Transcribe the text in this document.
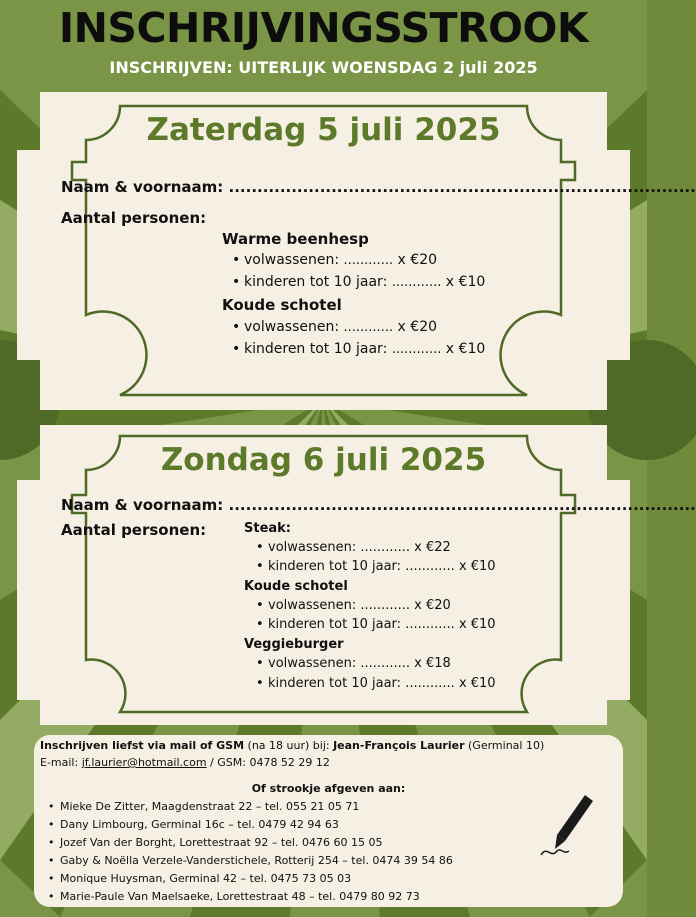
INSCHRIJVINGSSTROOK
INSCHRIJVEN: UITERLIJK WOENSDAG 2 juli 2025
Zaterdag 5 juli 2025
Naam & voornaam: ..................................................................................
Aantal personen:
Warme beenhesp
• volwassenen: ............ x €20
• kinderen tot 10 jaar: ............ x €10
Koude schotel
• volwassenen: ............ x €20
• kinderen tot 10 jaar: ............ x €10
Zondag 6 juli 2025
Naam & voornaam: ..................................................................................
Aantal personen:	Steak:
• volwassenen: ............ x €22
• kinderen tot 10 jaar: ............ x €10
Koude schotel
• volwassenen: ............ x €20
• kinderen tot 10 jaar: ............ x €10
Veggieburger
• volwassenen: ............ x €18
• kinderen tot 10 jaar: ............ x €10
Inschrijven liefst via mail of GSM (na 18 uur) bij: Jean-François Laurier (Germinal 10)
E-mail: jf.laurier@hotmail.com / GSM: 0478 52 29 12
Of strookje afgeven aan:
• Mieke De Zitter, Maagdenstraat 22 – tel. 055 21 05 71
• Dany Limbourg, Germinal 16c – tel. 0479 42 94 63
• Jozef Van der Borght, Lorettestraat 92 – tel. 0476 60 15 05
• Gaby & Noëlla Verzele-Vanderstichele, Rotterij 254 – tel. 0474 39 54 86
• Monique Huysman, Germinal 42 – tel. 0475 73 05 03
• Marie-Paule Van Maelsaeke, Lorettestraat 48 – tel. 0479 80 92 73
